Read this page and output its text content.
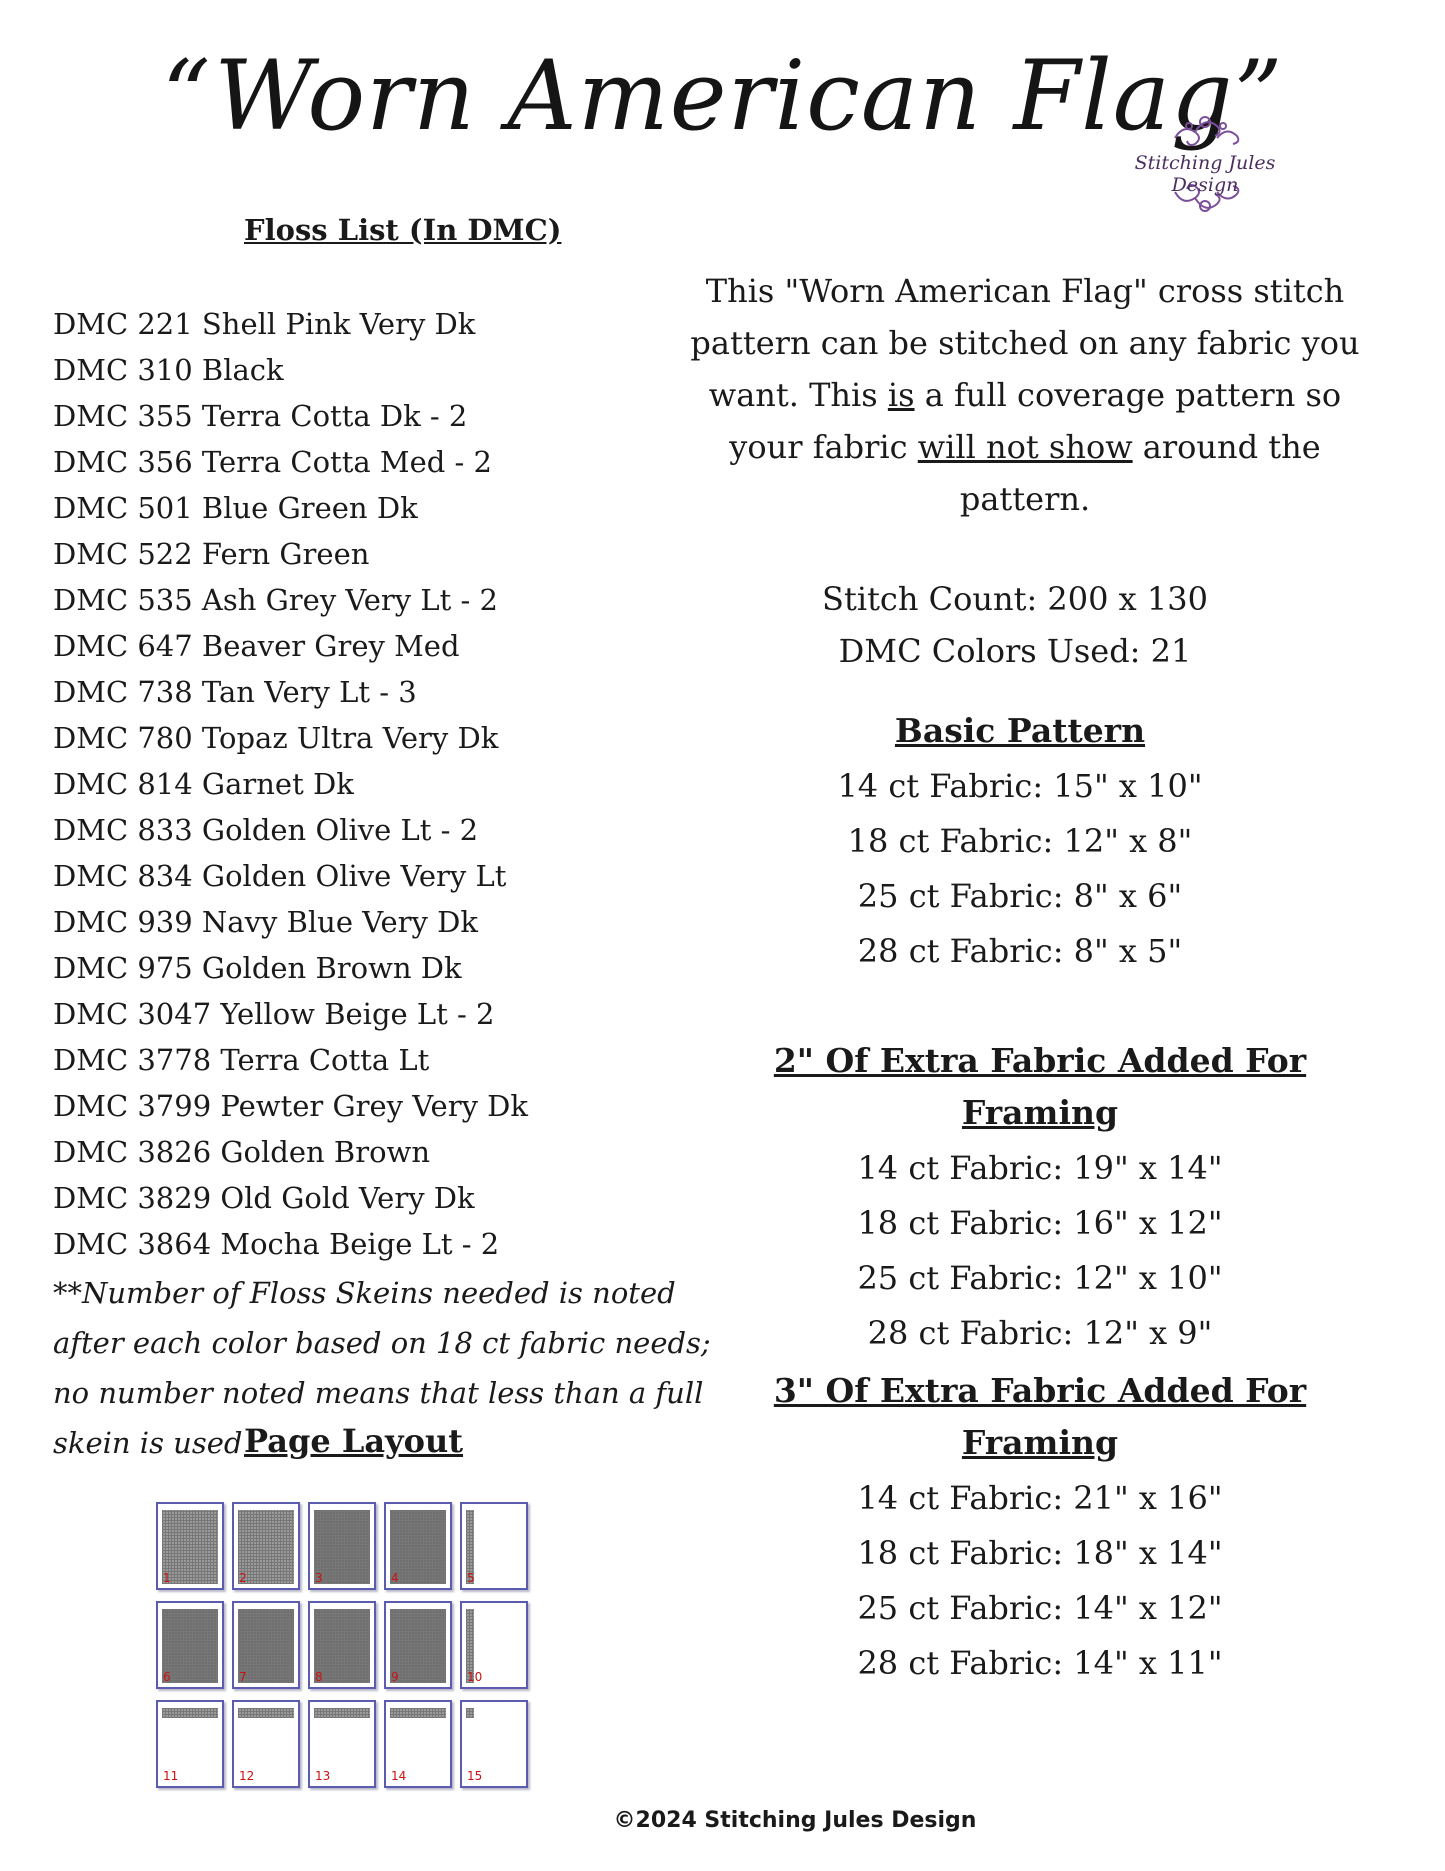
“Worn American Flag”
Stitching Jules Design
Floss List (In DMC)
DMC 221 Shell Pink Very Dk
DMC 310 Black
DMC 355 Terra Cotta Dk - 2
DMC 356 Terra Cotta Med - 2
DMC 501 Blue Green Dk
DMC 522 Fern Green
DMC 535 Ash Grey Very Lt - 2
DMC 647 Beaver Grey Med
DMC 738 Tan Very Lt - 3
DMC 780 Topaz Ultra Very Dk
DMC 814 Garnet Dk
DMC 833 Golden Olive Lt - 2
DMC 834 Golden Olive Very Lt
DMC 939 Navy Blue Very Dk
DMC 975 Golden Brown Dk
DMC 3047 Yellow Beige Lt - 2
DMC 3778 Terra Cotta Lt
DMC 3799 Pewter Grey Very Dk
DMC 3826 Golden Brown
DMC 3829 Old Gold Very Dk
DMC 3864 Mocha Beige Lt - 2

**Number of Floss Skeins needed is noted after each color based on 18 ct fabric needs; no number noted means that less than a full skein is used Page Layout
1	2	3	4	5
6	7	8	9	10
11	12	13	14	15

This "Worn American Flag" cross stitch pattern can be stitched on any fabric you want. This is a full coverage pattern so your fabric will not show around the pattern.

Stitch Count: 200 x 130
DMC Colors Used: 21
Basic Pattern
14 ct Fabric: 15" x 10"
18 ct Fabric: 12" x 8"
25 ct Fabric: 8" x 6"
28 ct Fabric: 8" x 5"
2" Of Extra Fabric Added For Framing
14 ct Fabric: 19" x 14"
18 ct Fabric: 16" x 12"
25 ct Fabric: 12" x 10"
28 ct Fabric: 12" x 9"
3" Of Extra Fabric Added For Framing
14 ct Fabric: 21" x 16"
18 ct Fabric: 18" x 14"
25 ct Fabric: 14" x 12"
28 ct Fabric: 14" x 11"
©2024 Stitching Jules Design
